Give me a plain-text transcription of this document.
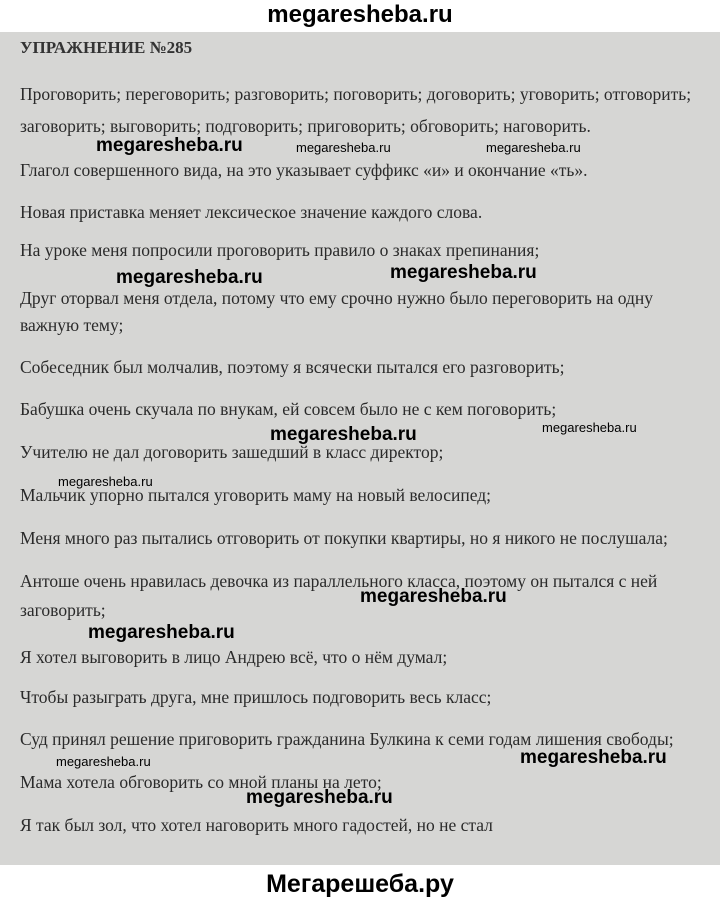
megaresheba.ru

УПРАЖНЕНИЕ №285

Проговорить; переговорить; разговорить; поговорить; договорить; уговорить; отговорить;

заговорить; выговорить; подговорить; приговорить; обговорить; наговорить.

Глагол совершенного вида, на это указывает суффикс «и» и окончание «ть».

Новая приставка меняет лексическое значение каждого слова.

На уроке меня попросили проговорить правило о знаках препинания;

Друг оторвал меня отдела, потому что ему срочно нужно было переговорить на одну

важную тему;

Собеседник был молчалив, поэтому я всячески пытался его разговорить;

Бабушка очень скучала по внукам, ей совсем было не с кем поговорить;

Учителю не дал договорить зашедший в класс директор;

Мальчик упорно пытался уговорить маму на новый велосипед;

Меня много раз пытались отговорить от покупки квартиры, но я никого не послушала;

Антоше очень нравилась девочка из параллельного класса, поэтому он пытался с ней

заговорить;

Я хотел выговорить в лицо Андрею всё, что о нём думал;

Чтобы разыграть друга, мне пришлось подговорить весь класс;

Суд принял решение приговорить гражданина Булкина к семи годам лишения свободы;

Мама хотела обговорить со мной планы на лето;

Я так был зол, что хотел наговорить много гадостей, но не стал

megaresheba.ru	megaresheba.ru	megaresheba.ru
megaresheba.ru	megaresheba.ru
megaresheba.ru	megaresheba.ru
megaresheba.ru
megaresheba.ru
megaresheba.ru
megaresheba.ru	megaresheba.ru
megaresheba.ru
Мегарешеба.ру
